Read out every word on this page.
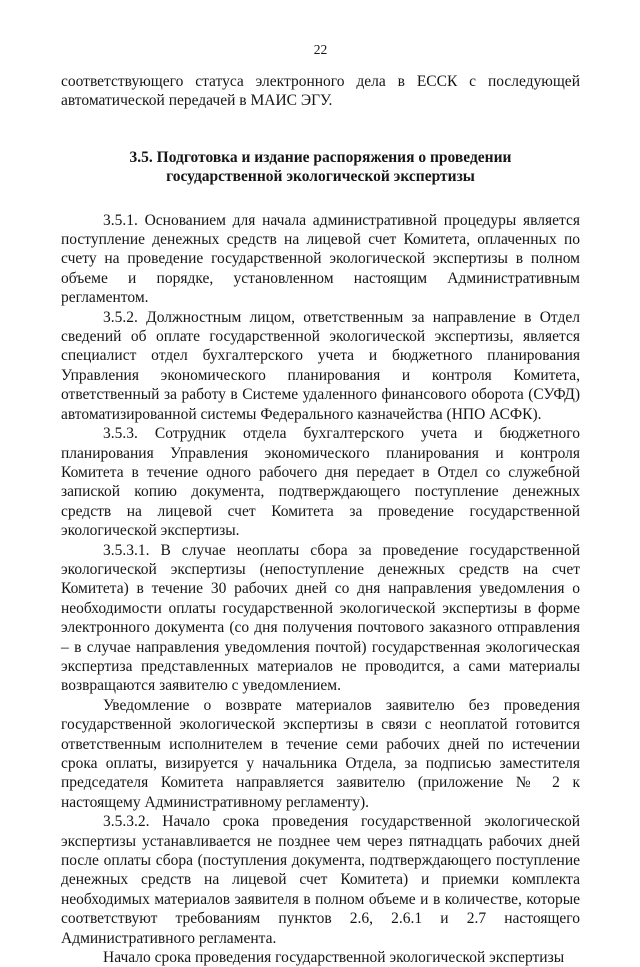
22

соответствующего статуса электронного дела в ЕССК с последующей автоматической передачей в МАИС ЭГУ.

3.5. Подготовка и издание распоряжения о проведении
государственной экологической экспертизы

3.5.1. Основанием для начала административной процедуры является поступление денежных средств на лицевой счет Комитета, оплаченных по счету на проведение государственной экологической экспертизы в полном объеме и порядке, установленном настоящим Административным регламентом.

3.5.2. Должностным лицом, ответственным за направление в Отдел сведений об оплате государственной экологической экспертизы, является специалист отдел бухгалтерского учета и бюджетного планирования Управления экономического планирования и контроля Комитета, ответственный за работу в Системе удаленного финансового оборота (СУФД) автоматизированной системы Федерального казначейства (НПО АСФК).

3.5.3. Сотрудник отдела бухгалтерского учета и бюджетного планирования Управления экономического планирования и контроля Комитета в течение одного рабочего дня передает в Отдел со служебной запиской копию документа, подтверждающего поступление денежных средств на лицевой счет Комитета за проведение государственной экологической экспертизы.

3.5.3.1. В случае неоплаты сбора за проведение государственной экологической экспертизы (непоступление денежных средств на счет Комитета) в течение 30 рабочих дней со дня направления уведомления о необходимости оплаты государственной экологической экспертизы в форме электронного документа (со дня получения почтового заказного отправления – в случае направления уведомления почтой) государственная экологическая экспертиза представленных материалов не проводится, а сами материалы возвращаются заявителю с уведомлением.

Уведомление о возврате материалов заявителю без проведения государственной экологической экспертизы в связи с неоплатой готовится ответственным исполнителем в течение семи рабочих дней по истечении срока оплаты, визируется у начальника Отдела, за подписью заместителя председателя Комитета направляется заявителю (приложение № 2 к настоящему Административному регламенту).

3.5.3.2. Начало срока проведения государственной экологической экспертизы устанавливается не позднее чем через пятнадцать рабочих дней после оплаты сбора (поступления документа, подтверждающего поступление денежных средств на лицевой счет Комитета) и приемки комплекта необходимых материалов заявителя в полном объеме и в количестве, которые соответствуют требованиям пунктов 2.6, 2.6.1 и 2.7 настоящего Административного регламента.

Начало срока проведения государственной экологической экспертизы
